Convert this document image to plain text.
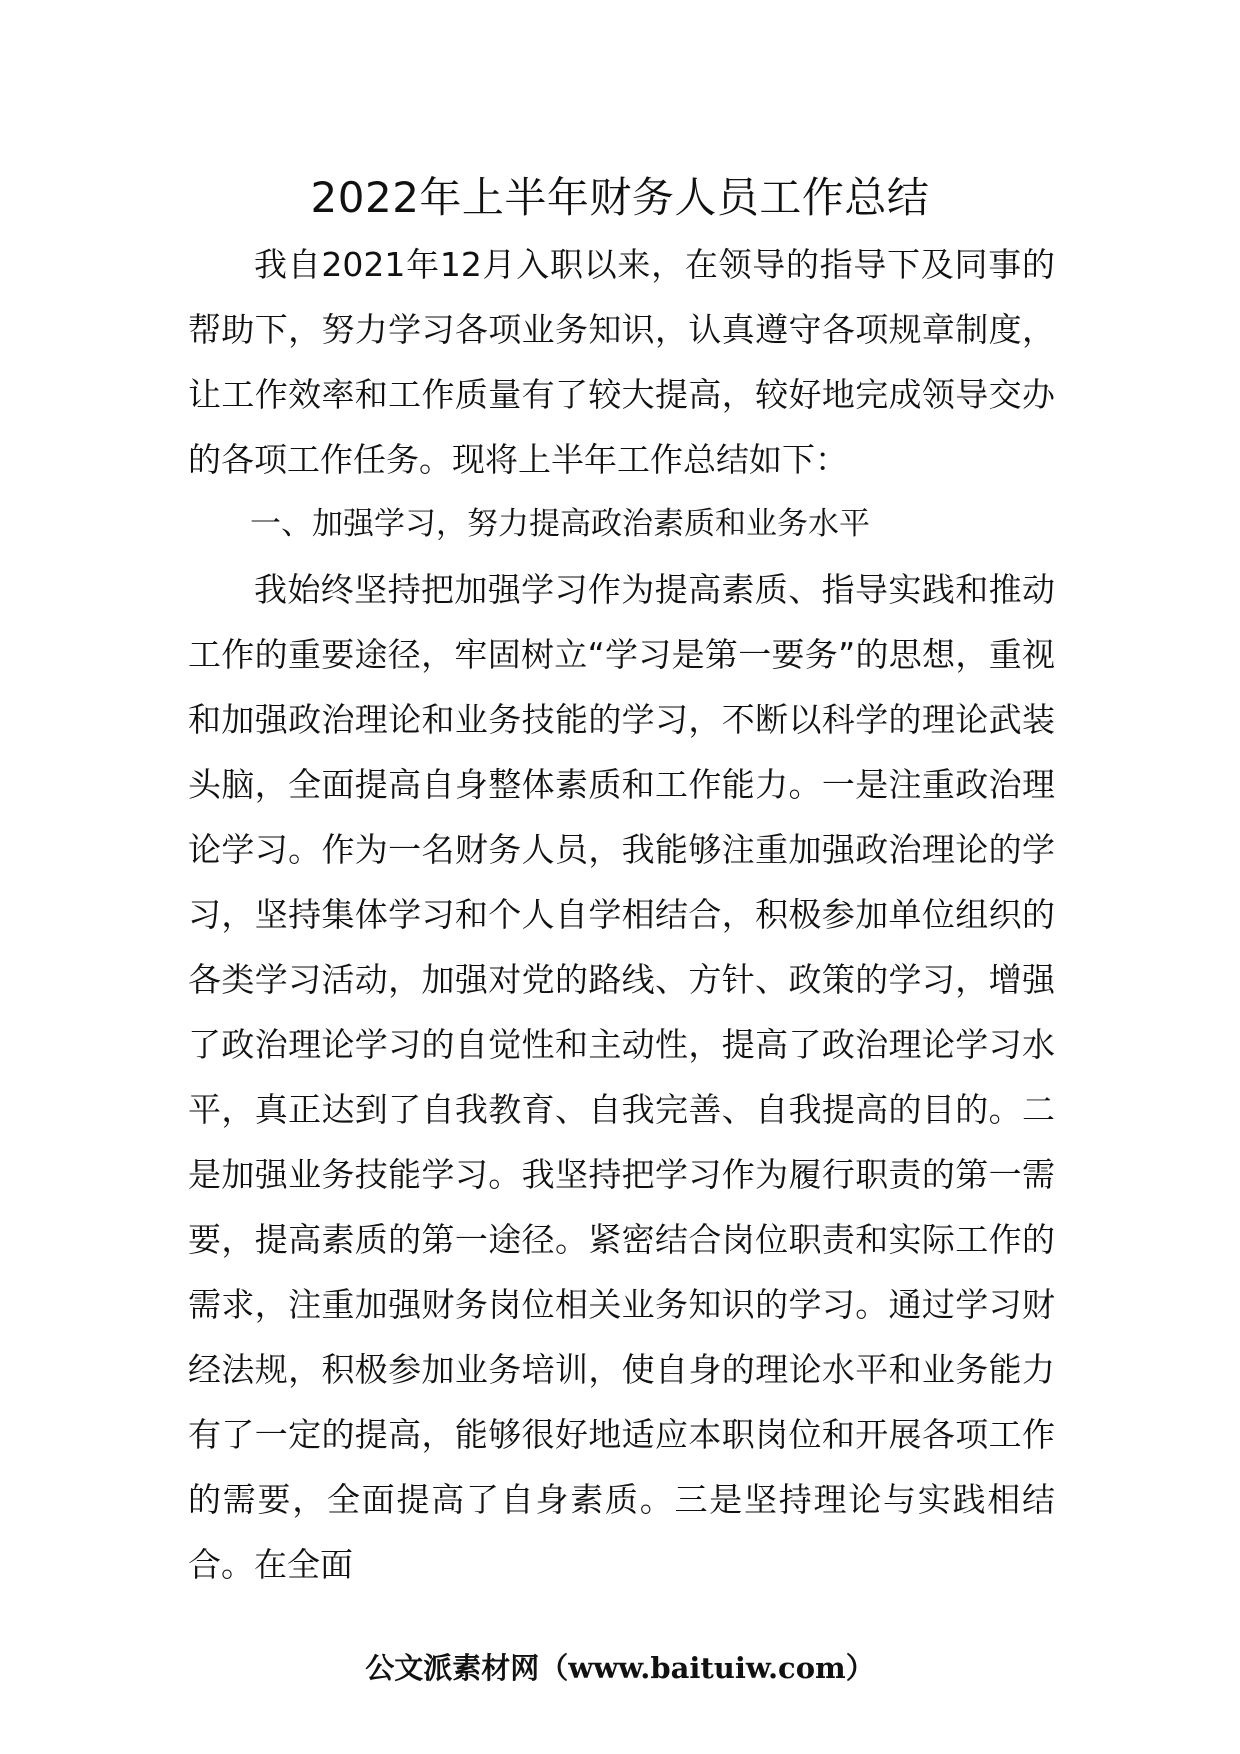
2022年上半年财务人员工作总结

我自2021年12月入职以来，在领导的指导下及同事的帮助下，努力学习各项业务知识，认真遵守各项规章制度，让工作效率和工作质量有了较大提高，较好地完成领导交办的各项工作任务。现将上半年工作总结如下：

一、加强学习，努力提高政治素质和业务水平

我始终坚持把加强学习作为提高素质、指导实践和推动工作的重要途径，牢固树立“学习是第一要务”的思想，重视和加强政治理论和业务技能的学习，不断以科学的理论武装头脑，全面提高自身整体素质和工作能力。一是注重政治理论学习。作为一名财务人员，我能够注重加强政治理论的学习，坚持集体学习和个人自学相结合，积极参加单位组织的各类学习活动，加强对党的路线、方针、政策的学习，增强了政治理论学习的自觉性和主动性，提高了政治理论学习水平，真正达到了自我教育、自我完善、自我提高的目的。二是加强业务技能学习。我坚持把学习作为履行职责的第一需要，提高素质的第一途径。紧密结合岗位职责和实际工作的需求，注重加强财务岗位相关业务知识的学习。通过学习财经法规，积极参加业务培训，使自身的理论水平和业务能力有了一定的提高，能够很好地适应本职岗位和开展各项工作的需要，全面提高了自身素质。三是坚持理论与实践相结合。在全面

公文派素材网（www.baituiw.com）
